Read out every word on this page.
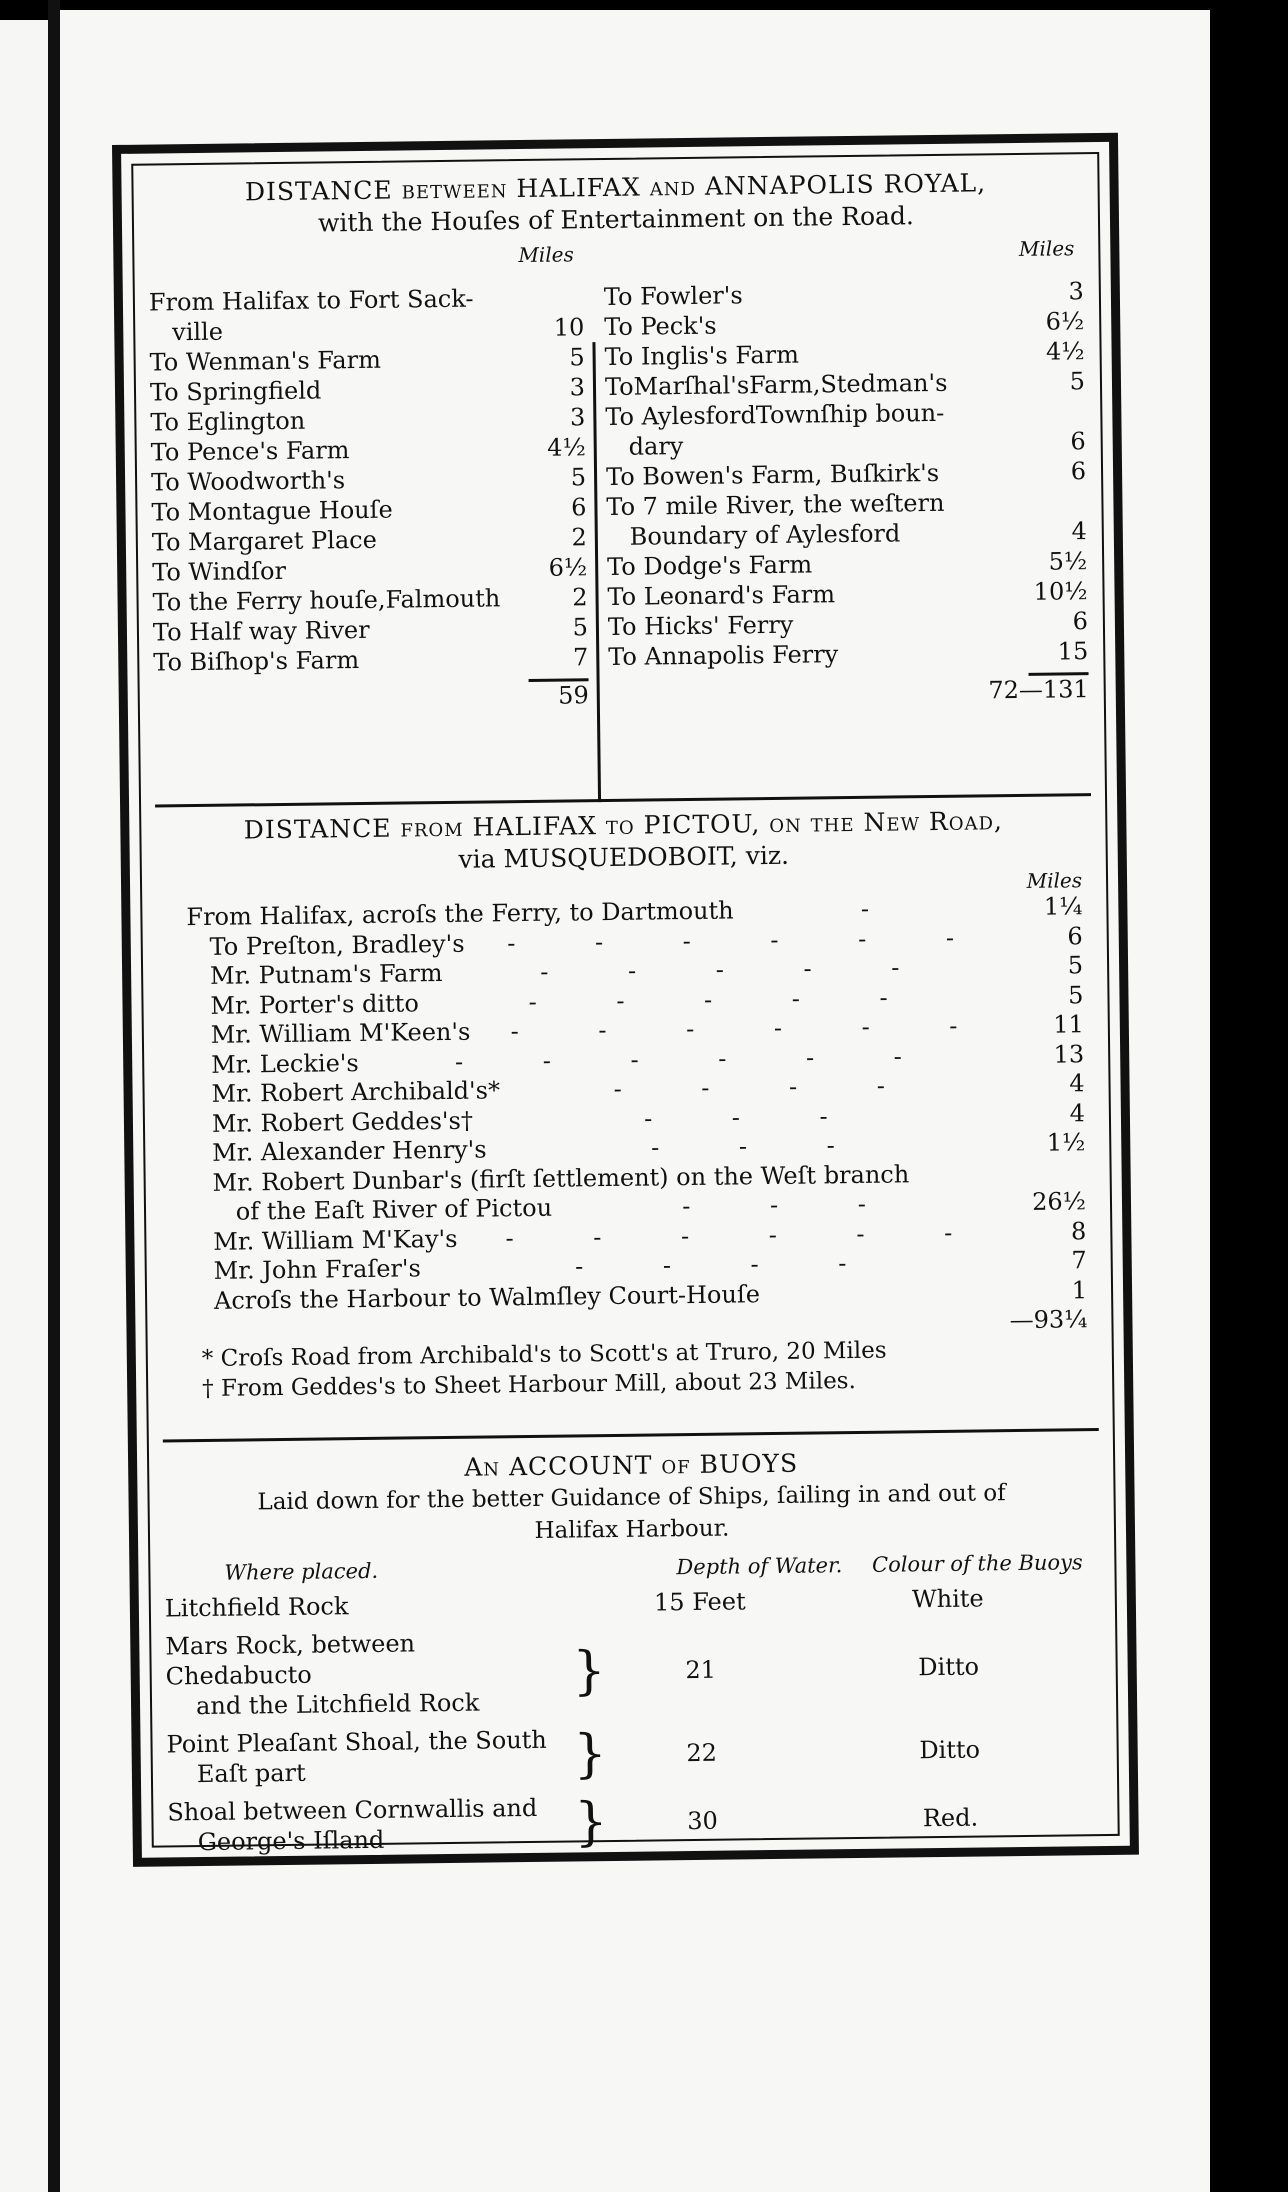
DISTANCE between HALIFAX and ANNAPOLIS ROYAL,
with the Houſes of Entertainment on the Road.
Miles	Miles
From Halifax to Fort Sack-
ville	10
To Wenman's Farm	5
To Springfield	3
To Eglington	3
To Pence's Farm	4½
To Woodworth's	5
To Montague Houſe	6
To Margaret Place	2
To Windſor	6½
To the Ferry houſe,Falmouth	2
To Half way River	5
To Biſhop's Farm	7
59
To Fowler's	3
To Peck's	6½
To Inglis's Farm	4½
ToMarſhal'sFarm,Stedman's	5
To AylesfordTownſhip boun-
dary	6
To Bowen's Farm, Buſkirk's	6
To 7 mile River, the weſtern
Boundary of Aylesford	4
To Dodge's Farm	5½
To Leonard's Farm	10½
To Hicks' Ferry	6
To Annapolis Ferry	15
72—131
DISTANCE from HALIFAX to PICTOU, on the New Road,
via MUSQUEDOBOIT, viz.
Miles
From Halifax, acroſs the Ferry, to Dartmouth	-	1¼
To Preſton, Bradley's	- - - - - -	6
Mr. Putnam's Farm	- - - - -	5
Mr. Porter's ditto	- - - - -	5
Mr. William M'Keen's	- - - - - -	11
Mr. Leckie's	- - - - - -	13
Mr. Robert Archibald's*	- - - -	4
Mr. Robert Geddes's†	- - -	4
Mr. Alexander Henry's	- - -	1½
Mr. Robert Dunbar's (firſt ſettlement) on the Weſt branch
of the Eaſt River of Pictou	- - -	26½
Mr. William M'Kay's	- - - - - -	8
Mr. John Fraſer's	- - - -	7
Acroſs the Harbour to Walmſley Court-Houſe	1
—93¼
* Croſs Road from Archibald's to Scott's at Truro, 20 Miles
† From Geddes's to Sheet Harbour Mill, about 23 Miles.
An ACCOUNT of BUOYS
Laid down for the better Guidance of Ships, ſailing in and out of
Halifax Harbour.
Where placed.	Depth of Water.	Colour of the Buoys
Litchfield Rock	15 Feet	White
Mars Rock, between Chedabucto
and the Litchfield Rock
}	21	Ditto
Point Pleaſant Shoal, the South
Eaſt part	}	22	Ditto
Shoal between Cornwallis and
George's Iſland	}	30	Red.
